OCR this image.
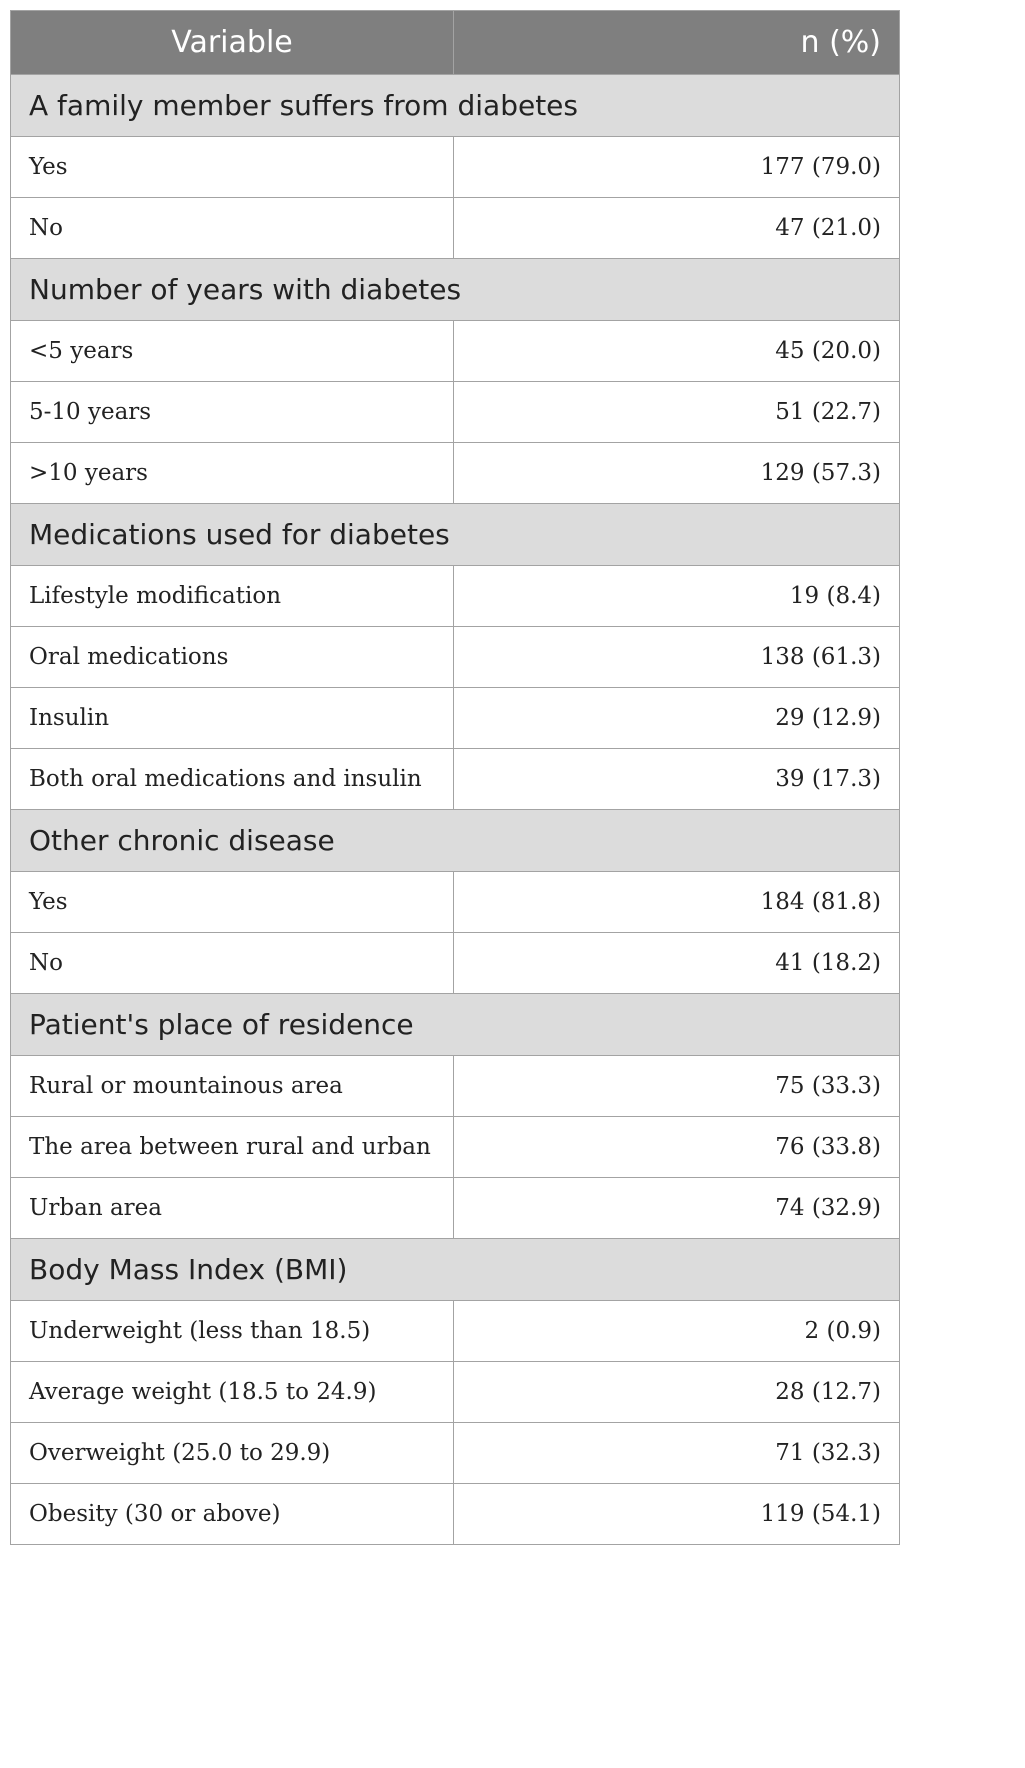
Variable	n (%)
A family member suffers from diabetes	
Yes	177 (79.0)
No	47 (21.0)
Number of years with diabetes	
<5 years	45 (20.0)
5-10 years	51 (22.7)
>10 years	129 (57.3)
Medications used for diabetes	
Lifestyle modification	19 (8.4)
Oral medications	138 (61.3)
Insulin	29 (12.9)
Both oral medications and insulin	39 (17.3)
Other chronic disease	
Yes	184 (81.8)
No	41 (18.2)
Patient's place of residence	
Rural or mountainous area	75 (33.3)
The area between rural and urban	76 (33.8)
Urban area	74 (32.9)
Body Mass Index (BMI)	
Underweight (less than 18.5)	2 (0.9)
Average weight (18.5 to 24.9)	28 (12.7)
Overweight (25.0 to 29.9)	71 (32.3)
Obesity (30 or above)	119 (54.1)
